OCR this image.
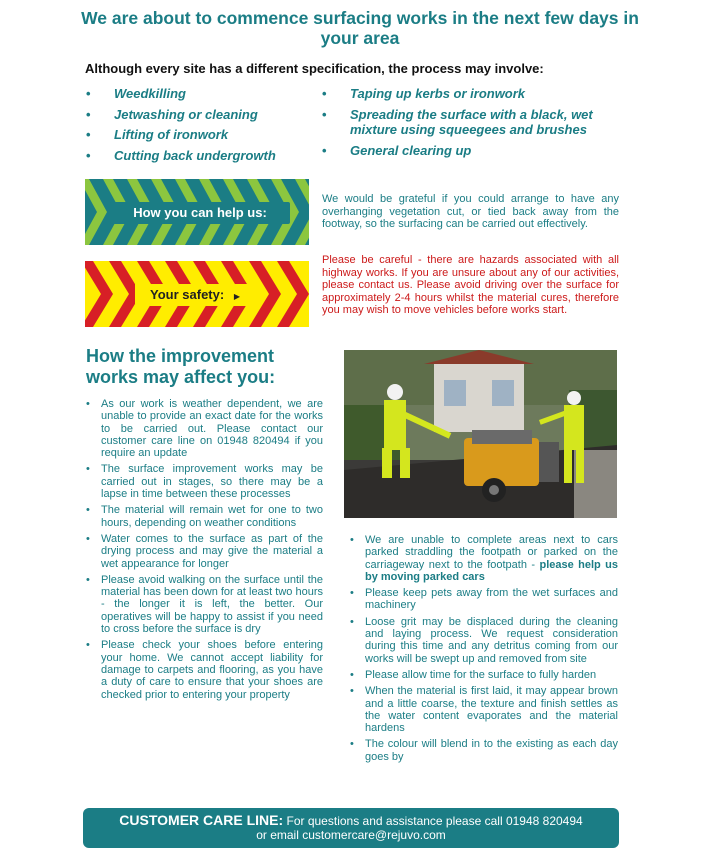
We are about to commence surfacing works in the next few days in your area
Although every site has a different specification, the process may involve:
• Weedkilling
• Jetwashing or cleaning
• Lifting of ironwork
• Cutting back undergrowth
• Taping up kerbs or ironwork
• Spreading the surface with a black, wet mixture using squeegees and brushes
• General clearing up
How you can help us:
We would be grateful if you could arrange to have any overhanging vegetation cut, or tied back away from the footway, so the surfacing can be carried out effectively.
Your safety: ▶
Please be careful - there are hazards associated with all highway works. If you are unsure about any of our activities, please contact us. Please avoid driving over the surface for approximately 2-4 hours whilst the material cures, therefore you may wish to move vehicles before works start.
How the improvement works may affect you:
• As our work is weather dependent, we are unable to provide an exact date for the works to be carried out. Please contact our customer care line on 01948 820494 if you require an update
• The surface improvement works may be carried out in stages, so there may be a lapse in time between these processes
• The material will remain wet for one to two hours, depending on weather conditions
• Water comes to the surface as part of the drying process and may give the material a wet appearance for longer
• Please avoid walking on the surface until the material has been down for at least two hours - the longer it is left, the better. Our operatives will be happy to assist if you need to cross before the surface is dry
• Please check your shoes before entering your home. We cannot accept liability for damage to carpets and flooring, as you have a duty of care to ensure that your shoes are checked prior to entering your property
• We are unable to complete areas next to cars parked straddling the footpath or parked on the carriageway next to the footpath - please help us by moving parked cars
• Please keep pets away from the wet surfaces and machinery
• Loose grit may be displaced during the cleaning and laying process. We request consideration during this time and any detritus coming from our works will be swept up and removed from site
• Please allow time for the surface to fully harden
• When the material is first laid, it may appear brown and a little coarse, the texture and finish settles as the water content evaporates and the material hardens
• The colour will blend in to the existing as each day goes by
CUSTOMER CARE LINE: For questions and assistance please call 01948 820494
or email customercare@rejuvo.com
